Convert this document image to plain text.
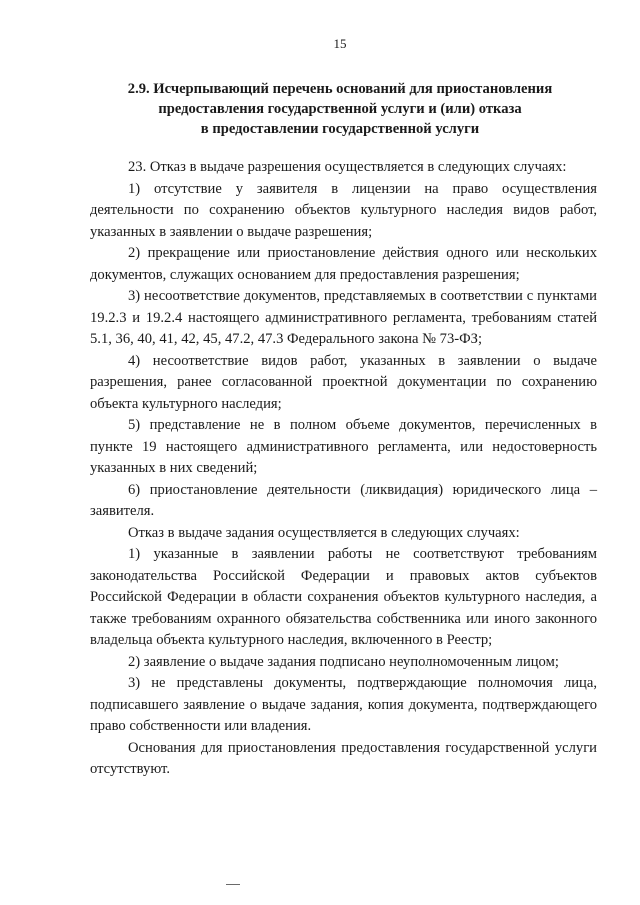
15
2.9. Исчерпывающий перечень оснований для приостановления
предоставления государственной услуги и (или) отказа
в предоставлении государственной услуги

23. Отказ в выдаче разрешения осуществляется в следующих случаях:

1) отсутствие у заявителя в лицензии на право осуществления деятельности по сохранению объектов культурного наследия видов работ, указанных в заявлении о выдаче разрешения;

2) прекращение или приостановление действия одного или нескольких документов, служащих основанием для предоставления разрешения;

3) несоответствие документов, представляемых в соответствии с пунктами 19.2.3 и 19.2.4 настоящего административного регламента, требованиям статей 5.1, 36, 40, 41, 42, 45, 47.2, 47.3 Федерального закона № 73-ФЗ;

4) несоответствие видов работ, указанных в заявлении о выдаче разрешения, ранее согласованной проектной документации по сохранению объекта культурного наследия;

5) представление не в полном объеме документов, перечисленных в пункте 19 настоящего административного регламента, или недостоверность указанных в них сведений;

6) приостановление деятельности (ликвидация) юридического лица – заявителя.

Отказ в выдаче задания осуществляется в следующих случаях:

1) указанные в заявлении работы не соответствуют требованиям законодательства Российской Федерации и правовых актов субъектов Российской Федерации в области сохранения объектов культурного наследия, а также требованиям охранного обязательства собственника или иного законного владельца объекта культурного наследия, включенного в Реестр;

2) заявление о выдаче задания подписано неуполномоченным лицом;

3) не представлены документы, подтверждающие полномочия лица, подписавшего заявление о выдаче задания, копия документа, подтверждающего право собственности или владения.

Основания для приостановления предоставления государственной услуги отсутствуют.
